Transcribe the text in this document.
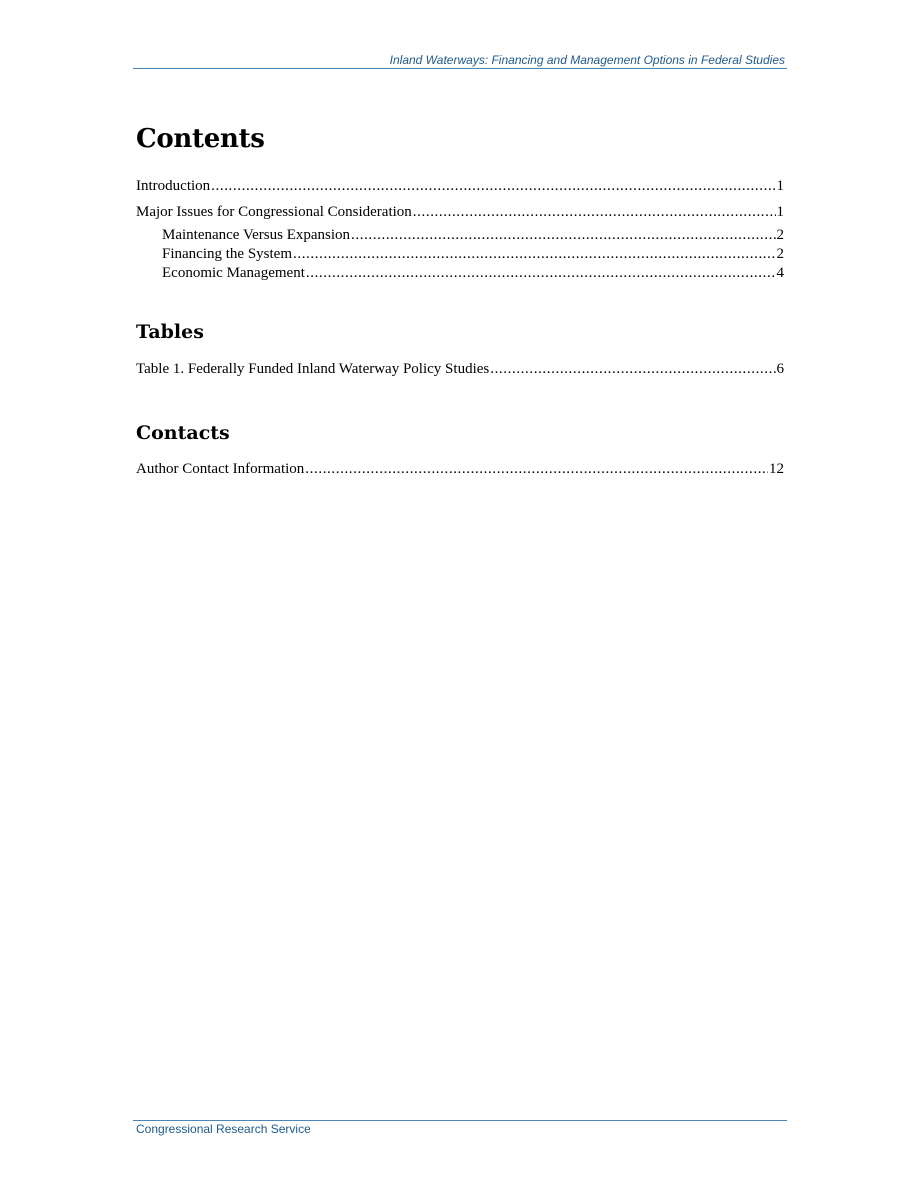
Inland Waterways: Financing and Management Options in Federal Studies
Contents
Introduction .....	1
Major Issues for Congressional Consideration .....	1
Maintenance Versus Expansion .....	2
Financing the System .....	2
Economic Management .....	4
Tables
Table 1. Federally Funded Inland Waterway Policy Studies .....	6
Contacts
Author Contact Information .....	12
Congressional Research Service
